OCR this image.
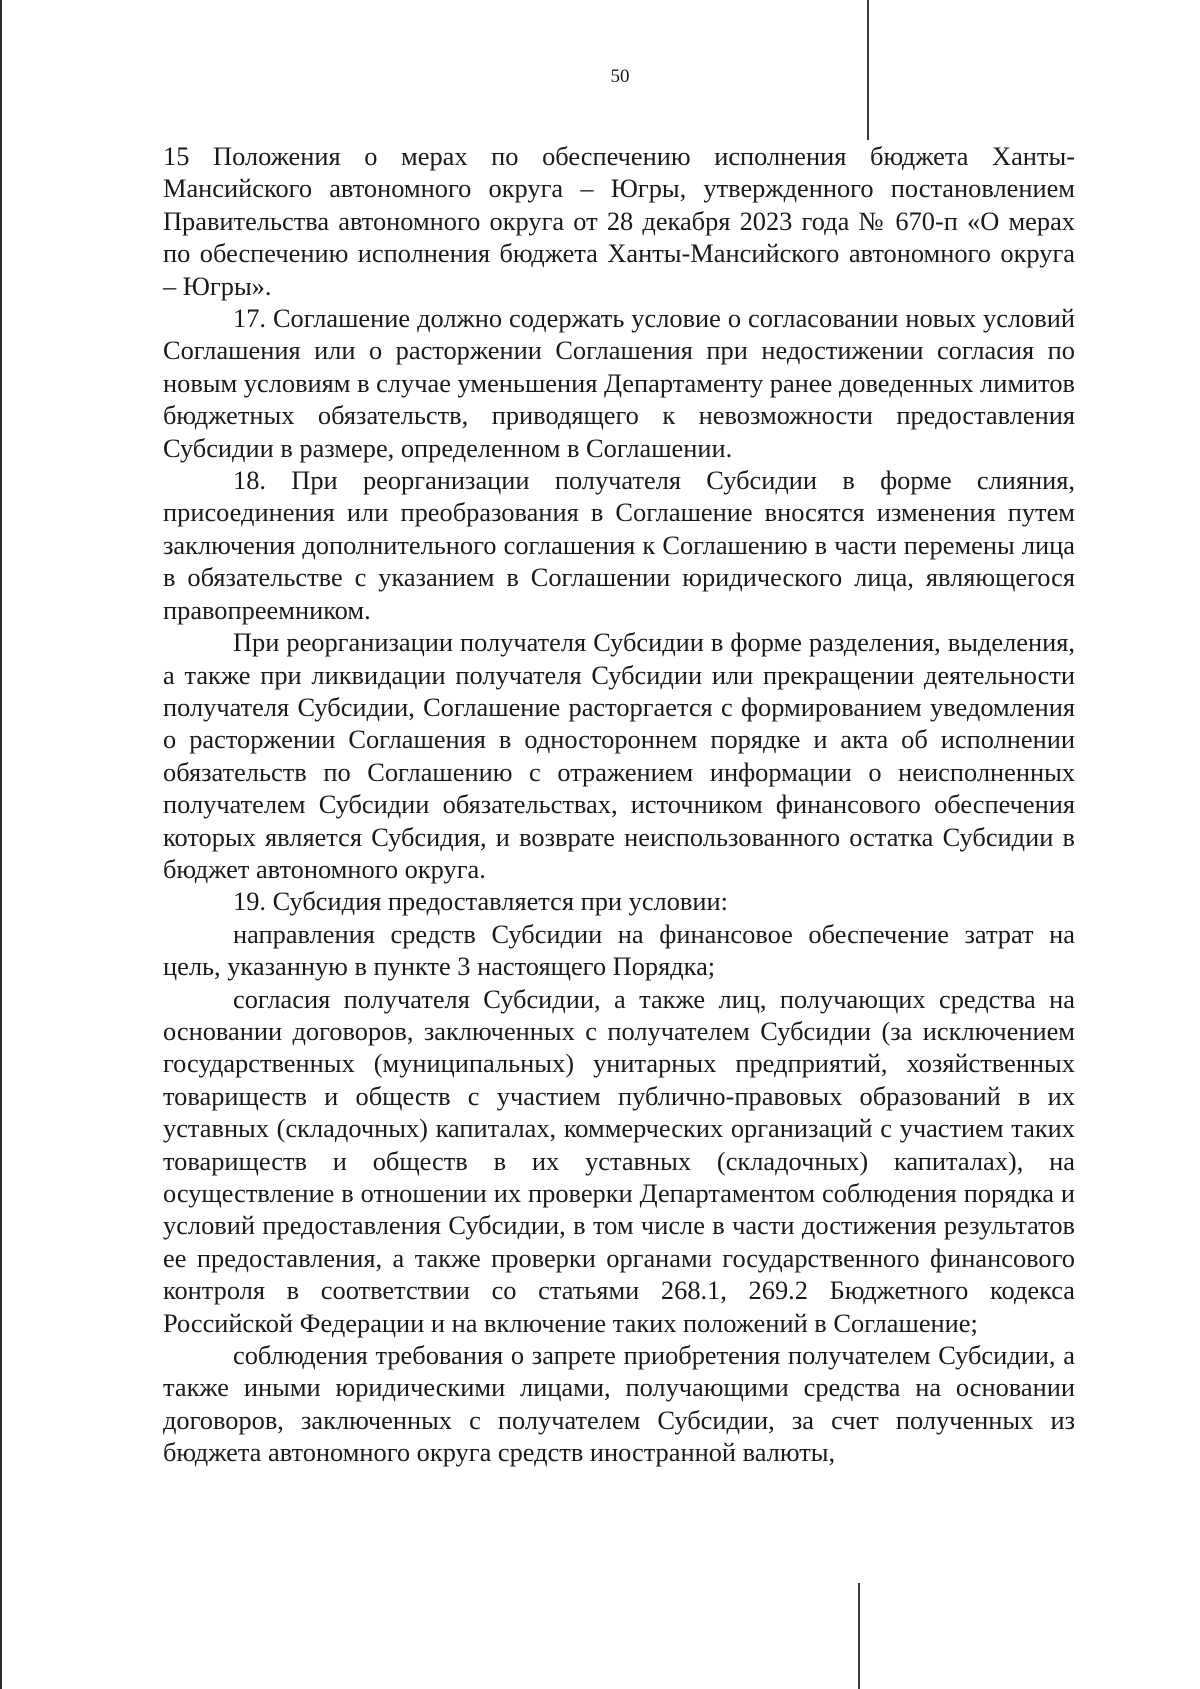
50

15 Положения о мерах по обеспечению исполнения бюджета Ханты-Мансийского автономного округа – Югры, утвержденного постановлением Правительства автономного округа от 28 декабря 2023 года № 670-п «О мерах по обеспечению исполнения бюджета Ханты-Мансийского автономного округа – Югры».

17. Соглашение должно содержать условие о согласовании новых условий Соглашения или о расторжении Соглашения при недостижении согласия по новым условиям в случае уменьшения Департаменту ранее доведенных лимитов бюджетных обязательств, приводящего к невозможности предоставления Субсидии в размере, определенном в Соглашении.

18. При реорганизации получателя Субсидии в форме слияния, присоединения или преобразования в Соглашение вносятся изменения путем заключения дополнительного соглашения к Соглашению в части перемены лица в обязательстве с указанием в Соглашении юридического лица, являющегося правопреемником.

При реорганизации получателя Субсидии в форме разделения, выделения, а также при ликвидации получателя Субсидии или прекращении деятельности получателя Субсидии, Соглашение расторгается с формированием уведомления о расторжении Соглашения в одностороннем порядке и акта об исполнении обязательств по Соглашению с отражением информации о неисполненных получателем Субсидии обязательствах, источником финансового обеспечения которых является Субсидия, и возврате неиспользованного остатка Субсидии в бюджет автономного округа.

19. Субсидия предоставляется при условии:

направления средств Субсидии на финансовое обеспечение затрат на цель, указанную в пункте 3 настоящего Порядка;

согласия получателя Субсидии, а также лиц, получающих средства на основании договоров, заключенных с получателем Субсидии (за исключением государственных (муниципальных) унитарных предприятий, хозяйственных товариществ и обществ с участием публично-правовых образований в их уставных (складочных) капиталах, коммерческих организаций с участием таких товариществ и обществ в их уставных (складочных) капиталах), на осуществление в отношении их проверки Департаментом соблюдения порядка и условий предоставления Субсидии, в том числе в части достижения результатов ее предоставления, а также проверки органами государственного финансового контроля в соответствии со статьями 268.1, 269.2 Бюджетного кодекса Российской Федерации и на включение таких положений в Соглашение;

соблюдения требования о запрете приобретения получателем Субсидии, а также иными юридическими лицами, получающими средства на основании договоров, заключенных с получателем Субсидии, за счет полученных из бюджета автономного округа средств иностранной валюты,
